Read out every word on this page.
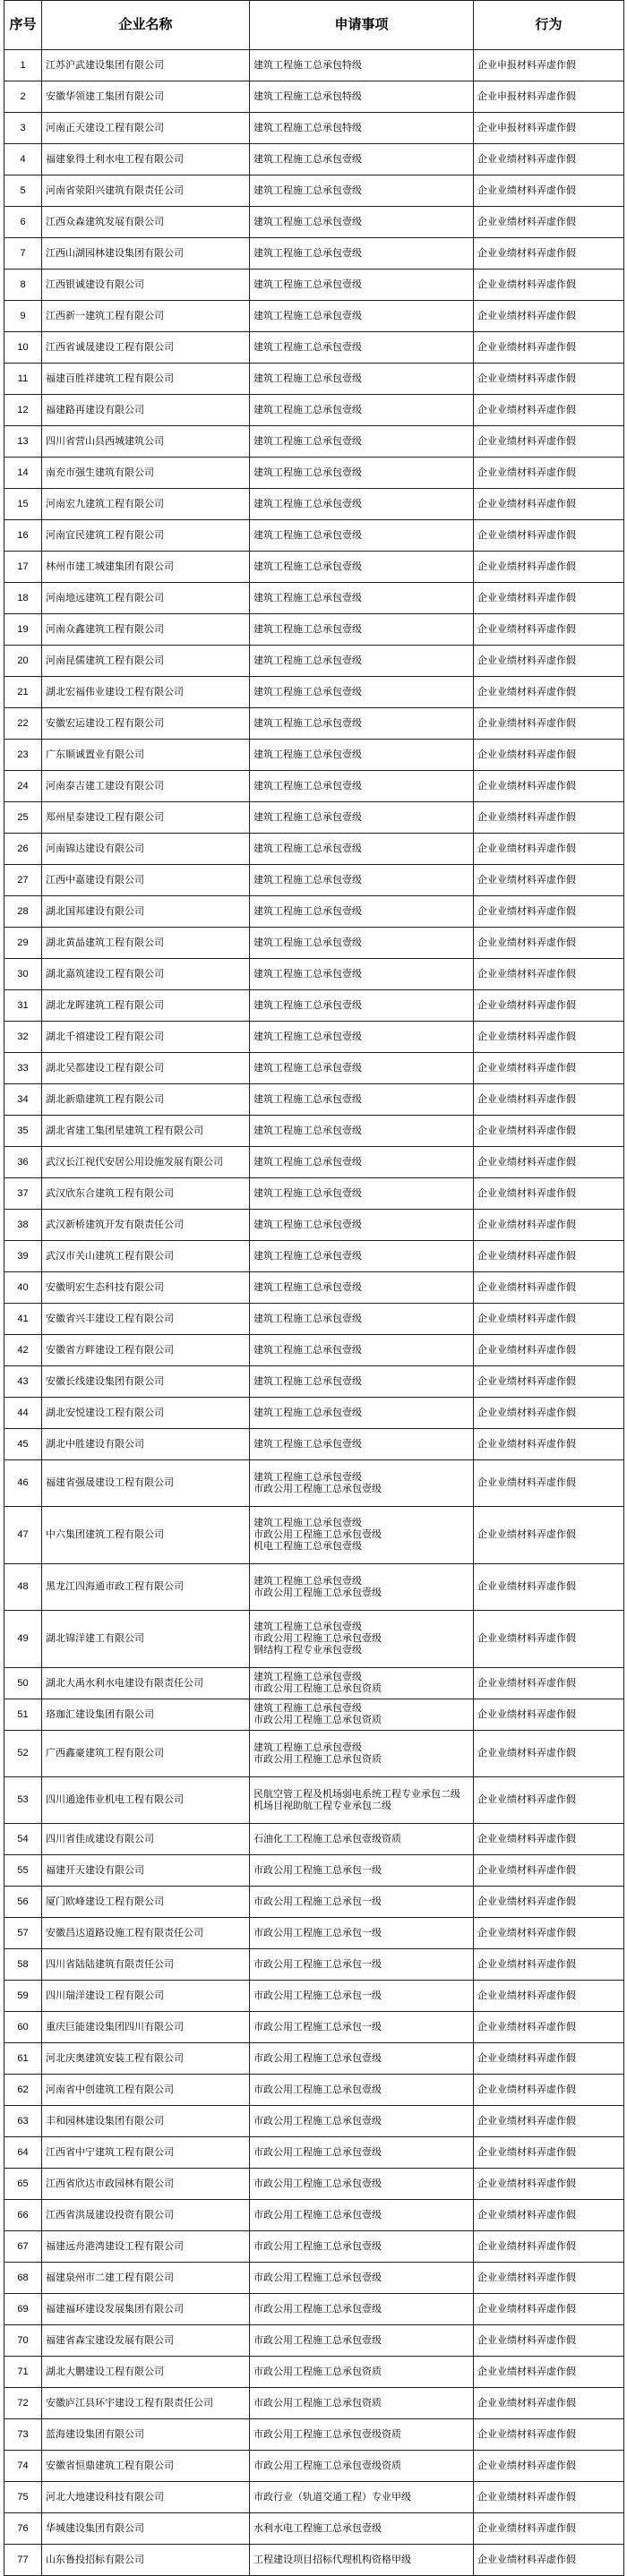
序号	企业名称	申请事项	行为
1	江苏沪武建设集团有限公司	建筑工程施工总承包特级	企业申报材料弄虚作假
2	安徽华领建工集团有限公司	建筑工程施工总承包特级	企业申报材料弄虚作假
3	河南正天建设工程有限公司	建筑工程施工总承包特级	企业申报材料弄虚作假
4	福建象得土利水电工程有限公司	建筑工程施工总承包壹级	企业业绩材料弄虚作假
5	河南省荥阳兴建筑有限责任公司	建筑工程施工总承包壹级	企业业绩材料弄虚作假
6	江西众森建筑发展有限公司	建筑工程施工总承包壹级	企业业绩材料弄虚作假
7	江西山湖园林建设集团有限公司	建筑工程施工总承包壹级	企业业绩材料弄虚作假
8	江西银诚建设有限公司	建筑工程施工总承包壹级	企业业绩材料弄虚作假
9	江西新一建筑工程有限公司	建筑工程施工总承包壹级	企业业绩材料弄虚作假
10	江西省诚晟建设工程有限公司	建筑工程施工总承包壹级	企业业绩材料弄虚作假
11	福建百胜祥建筑工程有限公司	建筑工程施工总承包壹级	企业业绩材料弄虚作假
12	福建路再建设有限公司	建筑工程施工总承包壹级	企业业绩材料弄虚作假
13	四川省营山县西城建筑公司	建筑工程施工总承包壹级	企业业绩材料弄虚作假
14	南充市强生建筑有限公司	建筑工程施工总承包壹级	企业业绩材料弄虚作假
15	河南宏九建筑工程有限公司	建筑工程施工总承包壹级	企业业绩材料弄虚作假
16	河南宜民建筑工程有限公司	建筑工程施工总承包壹级	企业业绩材料弄虚作假
17	林州市建工城建集团有限公司	建筑工程施工总承包壹级	企业业绩材料弄虚作假
18	河南地远建筑工程有限公司	建筑工程施工总承包壹级	企业业绩材料弄虚作假
19	河南众鑫建筑工程有限公司	建筑工程施工总承包壹级	企业业绩材料弄虚作假
20	河南昆儒建筑工程有限公司	建筑工程施工总承包壹级	企业业绩材料弄虚作假
21	湖北宏福伟业建设工程有限公司	建筑工程施工总承包壹级	企业业绩材料弄虚作假
22	安徽宏运建设工程有限公司	建筑工程施工总承包壹级	企业业绩材料弄虚作假
23	广东顺诚置业有限公司	建筑工程施工总承包壹级	企业业绩材料弄虚作假
24	河南泰吉建工建设有限公司	建筑工程施工总承包壹级	企业业绩材料弄虚作假
25	郑州星泰建设工程有限公司	建筑工程施工总承包壹级	企业业绩材料弄虚作假
26	河南锦达建设有限公司	建筑工程施工总承包壹级	企业业绩材料弄虚作假
27	江西中嘉建设有限公司	建筑工程施工总承包壹级	企业业绩材料弄虚作假
28	湖北国邦建设有限公司	建筑工程施工总承包壹级	企业业绩材料弄虚作假
29	湖北黄晶建筑工程有限公司	建筑工程施工总承包壹级	企业业绩材料弄虚作假
30	湖北嘉筑建设工程有限公司	建筑工程施工总承包壹级	企业业绩材料弄虚作假
31	湖北龙晖建筑工程有限公司	建筑工程施工总承包壹级	企业业绩材料弄虚作假
32	湖北千禧建设工程有限公司	建筑工程施工总承包壹级	企业业绩材料弄虚作假
33	湖北吴都建设工程有限公司	建筑工程施工总承包壹级	企业业绩材料弄虚作假
34	湖北新鼎建筑工程有限公司	建筑工程施工总承包壹级	企业业绩材料弄虚作假
35	湖北省建工集团星建筑工程有限公司	建筑工程施工总承包壹级	企业业绩材料弄虚作假
36	武汉长江视代安居公用设施发展有限公司	建筑工程施工总承包壹级	企业业绩材料弄虚作假
37	武汉欣东合建筑工程有限公司	建筑工程施工总承包壹级	企业业绩材料弄虚作假
38	武汉新桥建筑开发有限责任公司	建筑工程施工总承包壹级	企业业绩材料弄虚作假
39	武汉市关山建筑工程有限公司	建筑工程施工总承包壹级	企业业绩材料弄虚作假
40	安徽明宏生态科技有限公司	建筑工程施工总承包壹级	企业业绩材料弄虚作假
41	安徽省兴丰建设工程有限公司	建筑工程施工总承包壹级	企业业绩材料弄虚作假
42	安徽省方畔建设工程有限公司	建筑工程施工总承包壹级	企业业绩材料弄虚作假
43	安徽长线建设集团有限公司	建筑工程施工总承包壹级	企业业绩材料弄虚作假
44	湖北安悦建设工程有限公司	建筑工程施工总承包壹级	企业业绩材料弄虚作假
45	湖北中胜建设有限公司	建筑工程施工总承包壹级	企业业绩材料弄虚作假
46	福建省强晟建设工程有限公司	建筑工程施工总承包壹级
市政公用工程施工总承包壹级	企业业绩材料弄虚作假
47	中六集团建筑工程有限公司	建筑工程施工总承包壹级
市政公用工程施工总承包壹级
机电工程施工总承包壹级	企业业绩材料弄虚作假
48	黑龙江四海通市政工程有限公司	建筑工程施工总承包壹级
市政公用工程施工总承包壹级	企业业绩材料弄虚作假
49	湖北锦洋建工有限公司	建筑工程施工总承包壹级
市政公用工程施工总承包壹级
钢结构工程专业承包壹级	企业业绩材料弄虚作假
50	湖北大禹水利水电建设有限责任公司	建筑工程施工总承包壹级
市政公用工程施工总承包资质	企业业绩材料弄虚作假
51	珞珈汇建设集团有限公司	建筑工程施工总承包壹级
市政公用工程施工总承包资质	企业业绩材料弄虚作假
52	广西鑫豪建筑工程有限公司	建筑工程施工总承包壹级
市政公用工程施工总承包资质	企业业绩材料弄虚作假
53	四川通途伟业机电工程有限公司	民航空管工程及机场弱电系统工程专业承包二级
机场目视助航工程专业承包二级	企业业绩材料弄虚作假
54	四川省佳成建设有限公司	石油化工工程施工总承包壹级资质	企业业绩材料弄虚作假
55	福建开天建设有限公司	市政公用工程施工总承包一级	企业业绩材料弄虚作假
56	厦门欧峰建设工程有限公司	市政公用工程施工总承包一级	企业业绩材料弄虚作假
57	安徽昌达道路设施工程有限责任公司	市政公用工程施工总承包一级	企业业绩材料弄虚作假
58	四川省陆陆建筑有限责任公司	市政公用工程施工总承包一级	企业业绩材料弄虚作假
59	四川瑞洋建设工程有限公司	市政公用工程施工总承包一级	企业业绩材料弄虚作假
60	重庆巨能建设集团四川有限公司	市政公用工程施工总承包一级	企业业绩材料弄虚作假
61	河北庆奥建筑安装工程有限公司	市政公用工程施工总承包壹级	企业业绩材料弄虚作假
62	河南省中创建筑工程有限公司	市政公用工程施工总承包壹级	企业业绩材料弄虚作假
63	丰和园林建设集团有限公司	市政公用工程施工总承包壹级	企业业绩材料弄虚作假
64	江西省中宁建筑工程有限公司	市政公用工程施工总承包壹级	企业业绩材料弄虚作假
65	江西省欣达市政园林有限公司	市政公用工程施工总承包壹级	企业业绩材料弄虚作假
66	江西省洪晟建设投资有限公司	市政公用工程施工总承包壹级	企业业绩材料弄虚作假
67	福建远舟港湾建设工程有限公司	市政公用工程施工总承包壹级	企业业绩材料弄虚作假
68	福建泉州市二建工程有限公司	市政公用工程施工总承包壹级	企业业绩材料弄虚作假
69	福建福环建设发展集团有限公司	市政公用工程施工总承包壹级	企业业绩材料弄虚作假
70	福建省森宝建设发展有限公司	市政公用工程施工总承包壹级	企业业绩材料弄虚作假
71	湖北大鹏建设工程有限公司	市政公用工程施工总承包资质	企业业绩材料弄虚作假
72	安徽庐江县环宇建设工程有限责任公司	市政公用工程施工总承包资质	企业业绩材料弄虚作假
73	蓝海建设集团有限公司	市政公用工程施工总承包壹级资质	企业业绩材料弄虚作假
74	安徽省恒鼎建筑工程有限公司	市政公用工程施工总承包壹级资质	企业业绩材料弄虚作假
75	河北大地建设科技有限公司	市政行业（轨道交通工程）专业甲级	企业业绩材料弄虚作假
76	华城建设集团有限公司	水利水电工程施工总承包壹级	企业业绩材料弄虚作假
77	山东鲁投招标有限公司	工程建设项目招标代理机构资格甲级	企业业绩材料弄虚作假
